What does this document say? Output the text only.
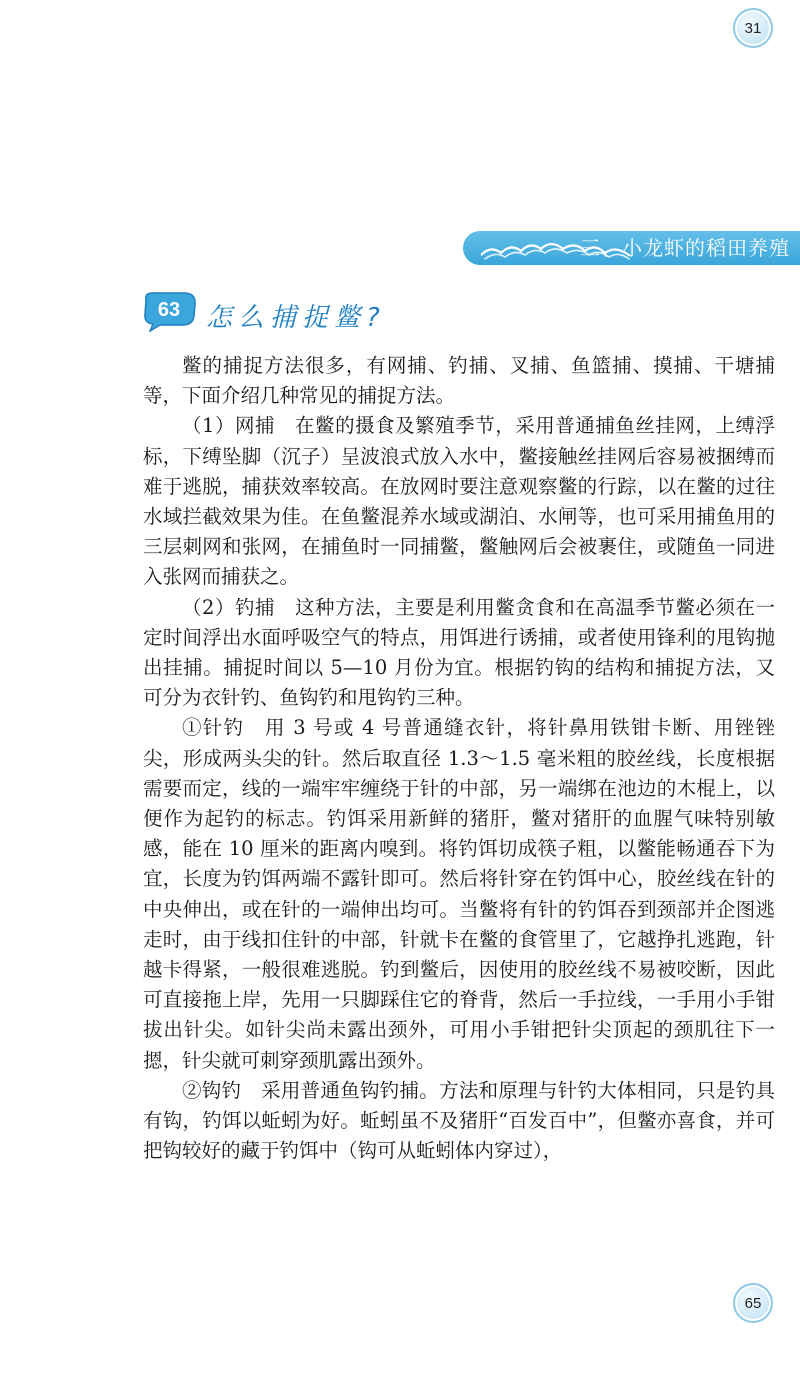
31
三、小龙虾的稻田养殖
63 怎么捕捉鳖?

鳖的捕捉方法很多，有网捕、钓捕、叉捕、鱼篮捕、摸捕、干塘捕等，下面介绍几种常见的捕捉方法。

（1）网捕　在鳖的摄食及繁殖季节，采用普通捕鱼丝挂网，上缚浮标，下缚坠脚（沉子）呈波浪式放入水中，鳖接触丝挂网后容易被捆缚而难于逃脱，捕获效率较高。在放网时要注意观察鳖的行踪，以在鳖的过往水域拦截效果为佳。在鱼鳖混养水域或湖泊、水闸等，也可采用捕鱼用的三层刺网和张网，在捕鱼时一同捕鳖，鳖触网后会被裹住，或随鱼一同进入张网而捕获之。

（2）钓捕　这种方法，主要是利用鳖贪食和在高温季节鳖必须在一定时间浮出水面呼吸空气的特点，用饵进行诱捕，或者使用锋利的甩钩抛出挂捕。捕捉时间以 5—10 月份为宜。根据钓钩的结构和捕捉方法，又可分为衣针钓、鱼钩钓和甩钩钓三种。

①针钓　用 3 号或 4 号普通缝衣针，将针鼻用铁钳卡断、用锉锉尖，形成两头尖的针。然后取直径 1.3～1.5 毫米粗的胶丝线，长度根据需要而定，线的一端牢牢缠绕于针的中部，另一端绑在池边的木棍上，以便作为起钓的标志。钓饵采用新鲜的猪肝，鳖对猪肝的血腥气味特别敏感，能在 10 厘米的距离内嗅到。将钓饵切成筷子粗，以鳖能畅通吞下为宜，长度为钓饵两端不露针即可。然后将针穿在钓饵中心，胶丝线在针的中央伸出，或在针的一端伸出均可。当鳖将有针的钓饵吞到颈部并企图逃走时，由于线扣住针的中部，针就卡在鳖的食管里了，它越挣扎逃跑，针越卡得紧，一般很难逃脱。钓到鳖后，因使用的胶丝线不易被咬断，因此可直接拖上岸，先用一只脚踩住它的脊背，然后一手拉线，一手用小手钳拔出针尖。如针尖尚未露出颈外，可用小手钳把针尖顶起的颈肌往下一摁，针尖就可刺穿颈肌露出颈外。

②钩钓　采用普通鱼钩钓捕。方法和原理与针钓大体相同，只是钓具有钩，钓饵以蚯蚓为好。蚯蚓虽不及猪肝“百发百中”，但鳖亦喜食，并可把钩较好的藏于钓饵中（钩可从蚯蚓体内穿过），

65
